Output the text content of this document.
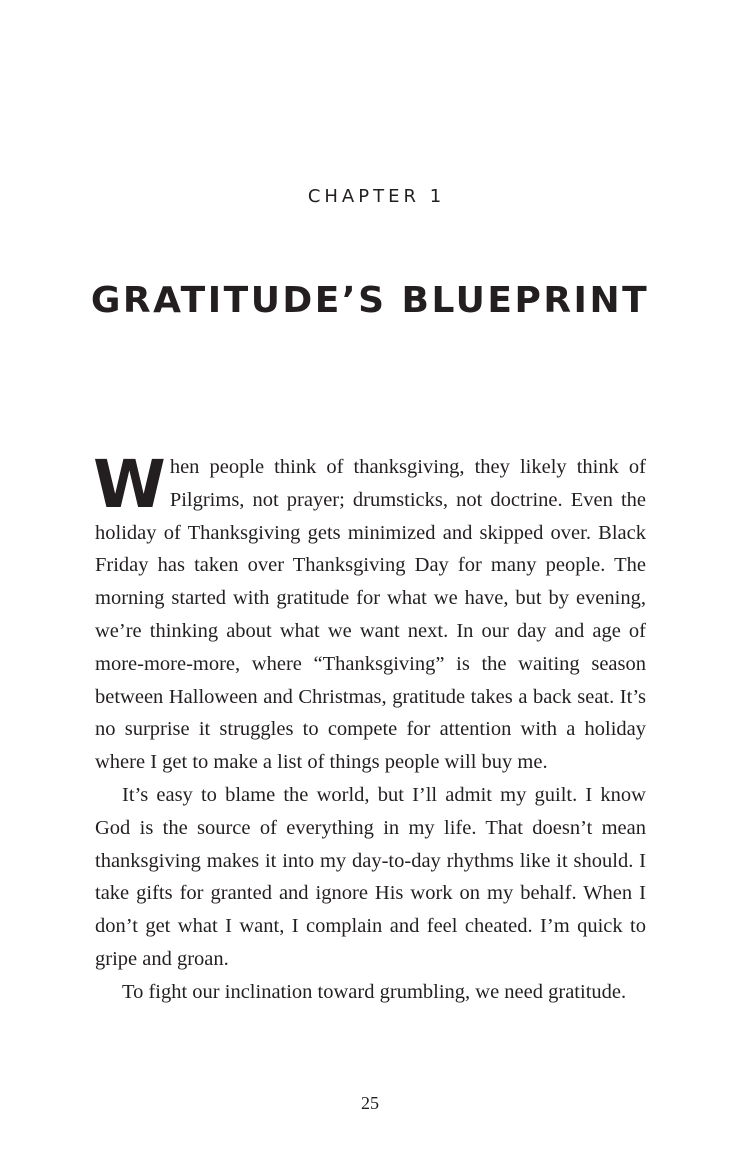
CHAPTER 1
GRATITUDE’S BLUEPRINT

When people think of thanksgiving, they likely think of Pilgrims, not prayer; drumsticks, not doctrine. Even the holiday of Thanksgiving gets minimized and skipped over. Black Friday has taken over Thanksgiving Day for many people. The morning started with gratitude for what we have, but by evening, we’re thinking about what we want next. In our day and age of more-more-more, where “Thanksgiving” is the waiting season between Halloween and Christmas, gratitude takes a back seat. It’s no surprise it struggles to compete for attention with a holiday where I get to make a list of things people will buy me.

It’s easy to blame the world, but I’ll admit my guilt. I know God is the source of everything in my life. That doesn’t mean thanksgiving makes it into my day-to-day rhythms like it should. I take gifts for granted and ignore His work on my behalf. When I don’t get what I want, I complain and feel cheated. I’m quick to gripe and groan.

To fight our inclination toward grumbling, we need gratitude.

25
